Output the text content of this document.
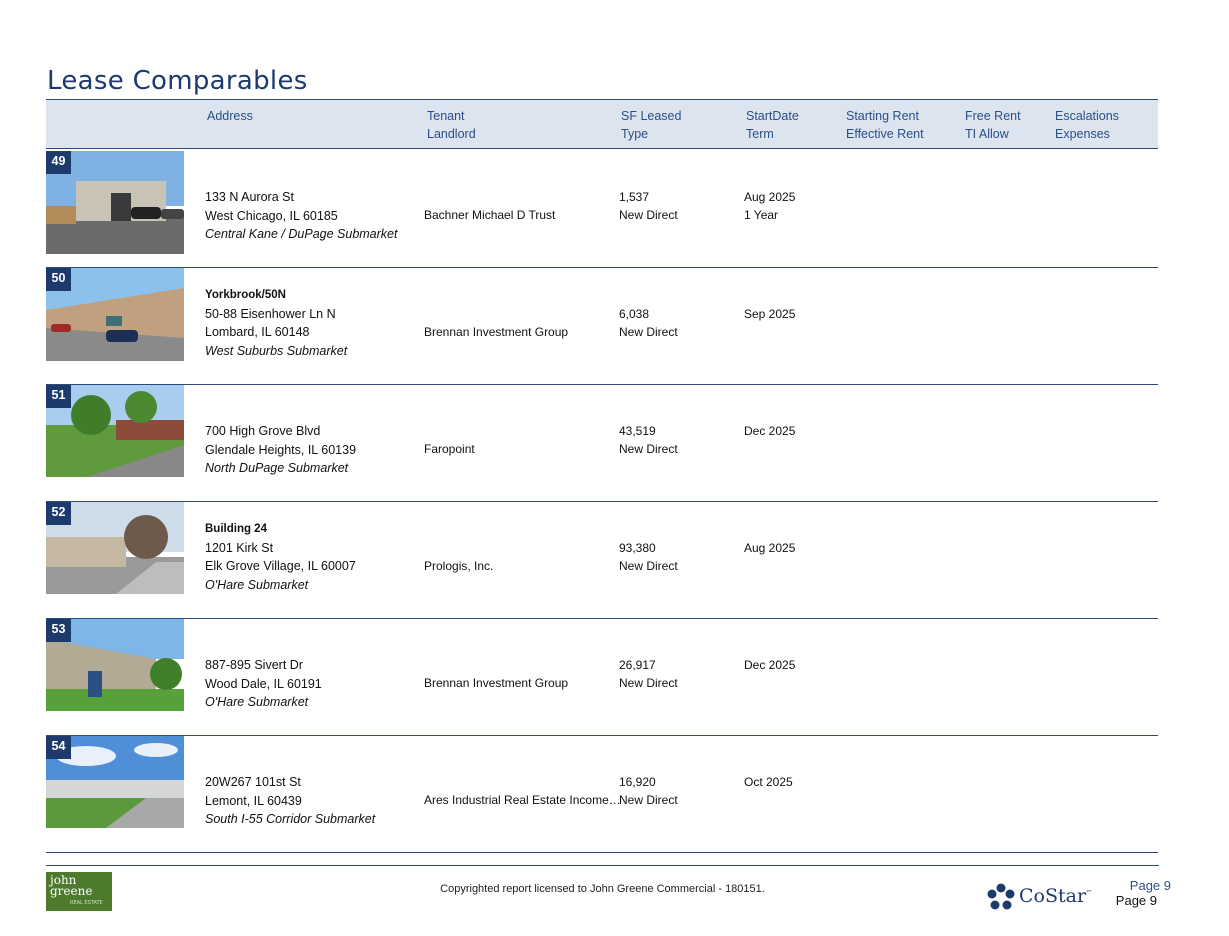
Lease Comparables
Address	Tenant
Landlord
SF Leased
Type
StartDate
Term
Starting Rent
Effective Rent
Free Rent
TI Allow
Escalations
Expenses
49
133 N Aurora St
West Chicago, IL 60185
Central Kane / DuPage Submarket
Bachner Michael D Trust
1,537
New Direct
Aug 2025
1 Year
50
Yorkbrook/50N
50-88 Eisenhower Ln N
Lombard, IL 60148
West Suburbs Submarket
Brennan Investment Group
6,038
New Direct
Sep 2025
51
700 High Grove Blvd
Glendale Heights, IL 60139
North DuPage Submarket
Faropoint
43,519
New Direct
Dec 2025
52
Building 24
1201 Kirk St
Elk Grove Village, IL 60007
O'Hare Submarket
Prologis, Inc.
93,380
New Direct
Aug 2025
53
887-895 Sivert Dr
Wood Dale, IL 60191
O'Hare Submarket
Brennan Investment Group
26,917
New Direct
Dec 2025
54
20W267 101st St
Lemont, IL 60439
South I-55 Corridor Submarket
Ares Industrial Real Estate Income…
16,920
New Direct
Oct 2025
john
greene
REAL ESTATE
Copyrighted report licensed to John Greene Commercial - 180151.	CoStar™
Page 9
Page 9
